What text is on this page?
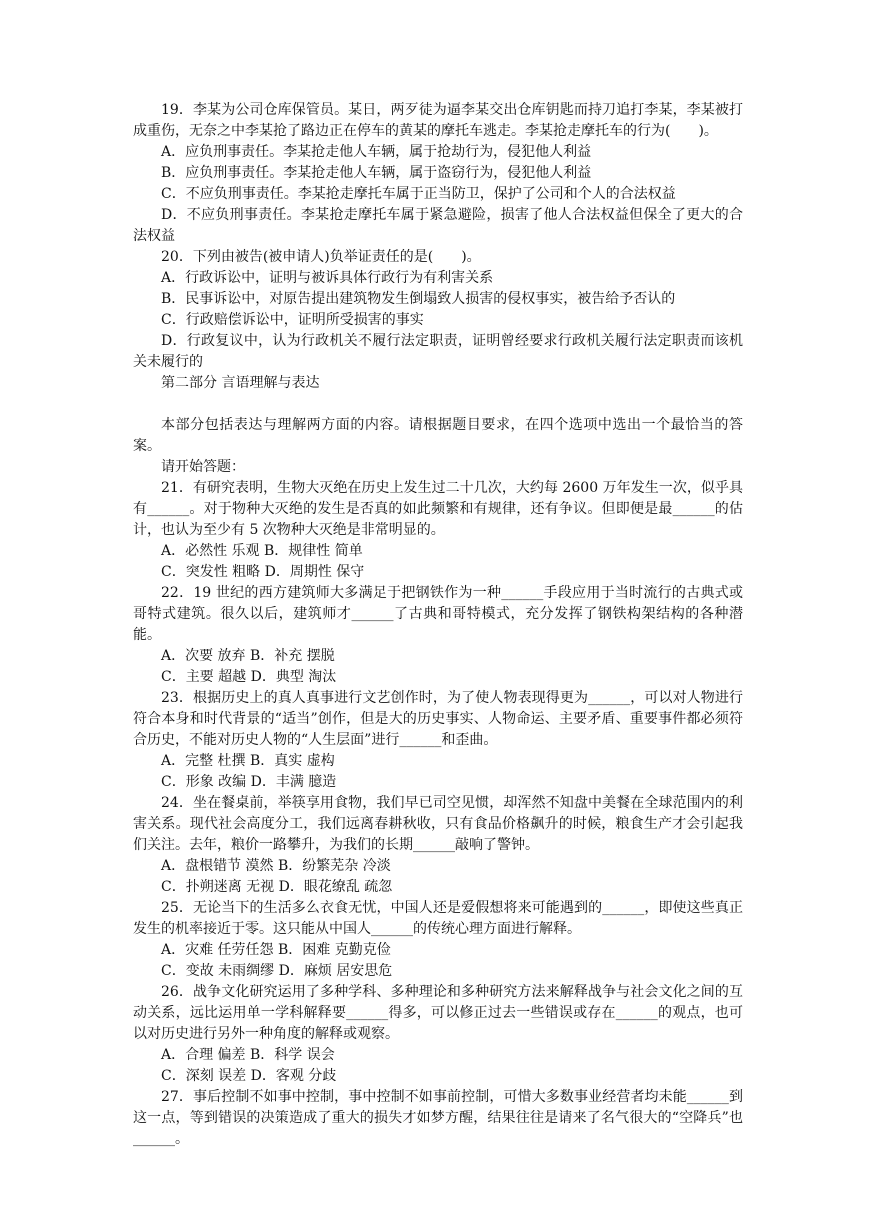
19．李某为公司仓库保管员。某日，两歹徒为逼李某交出仓库钥匙而持刀追打李某，李某被打成重伤，无奈之中李某抢了路边正在停车的黄某的摩托车逃走。李某抢走摩托车的行为(　　)。

A．应负刑事责任。李某抢走他人车辆，属于抢劫行为，侵犯他人利益

B．应负刑事责任。李某抢走他人车辆，属于盗窃行为，侵犯他人利益

C．不应负刑事责任。李某抢走摩托车属于正当防卫，保护了公司和个人的合法权益

D．不应负刑事责任。李某抢走摩托车属于紧急避险，损害了他人合法权益但保全了更大的合法权益

20．下列由被告(被申请人)负举证责任的是(　　)。

A．行政诉讼中，证明与被诉具体行政行为有利害关系

B．民事诉讼中，对原告提出建筑物发生倒塌致人损害的侵权事实，被告给予否认的

C．行政赔偿诉讼中，证明所受损害的事实

D．行政复议中，认为行政机关不履行法定职责，证明曾经要求行政机关履行法定职责而该机关未履行的

第二部分 言语理解与表达

本部分包括表达与理解两方面的内容。请根据题目要求，在四个选项中选出一个最恰当的答案。

请开始答题：

21．有研究表明，生物大灭绝在历史上发生过二十几次，大约每 2600 万年发生一次，似乎具有______。对于物种大灭绝的发生是否真的如此频繁和有规律，还有争议。但即便是最______的估计，也认为至少有 5 次物种大灭绝是非常明显的。

A．必然性 乐观 B．规律性 简单

C．突发性 粗略 D．周期性 保守

22．19 世纪的西方建筑师大多满足于把钢铁作为一种______手段应用于当时流行的古典式或哥特式建筑。很久以后，建筑师才______了古典和哥特模式，充分发挥了钢铁构架结构的各种潜能。

A．次要 放弃 B．补充 摆脱

C．主要 超越 D．典型 淘汰

23．根据历史上的真人真事进行文艺创作时，为了使人物表现得更为______，可以对人物进行符合本身和时代背景的“适当”创作，但是大的历史事实、人物命运、主要矛盾、重要事件都必须符合历史，不能对历史人物的“人生层面”进行______和歪曲。

A．完整 杜撰 B．真实 虚构

C．形象 改编 D．丰满 臆造

24．坐在餐桌前，举筷享用食物，我们早已司空见惯，却浑然不知盘中美餐在全球范围内的利害关系。现代社会高度分工，我们远离春耕秋收，只有食品价格飙升的时候，粮食生产才会引起我们关注。去年，粮价一路攀升，为我们的长期______敲响了警钟。

A．盘根错节 漠然 B．纷繁芜杂 冷淡

C．扑朔迷离 无视 D．眼花缭乱 疏忽

25．无论当下的生活多么衣食无忧，中国人还是爱假想将来可能遇到的______，即使这些真正发生的机率接近于零。这只能从中国人______的传统心理方面进行解释。

A．灾难 任劳任怨 B．困难 克勤克俭

C．变故 未雨绸缪 D．麻烦 居安思危

26．战争文化研究运用了多种学科、多种理论和多种研究方法来解释战争与社会文化之间的互动关系，远比运用单一学科解释要______得多，可以修正过去一些错误或存在______的观点，也可以对历史进行另外一种角度的解释或观察。

A．合理 偏差 B．科学 误会

C．深刻 误差 D．客观 分歧

27．事后控制不如事中控制，事中控制不如事前控制，可惜大多数事业经营者均未能______到这一点，等到错误的决策造成了重大的损失才如梦方醒，结果往往是请来了名气很大的“空降兵”也______。
